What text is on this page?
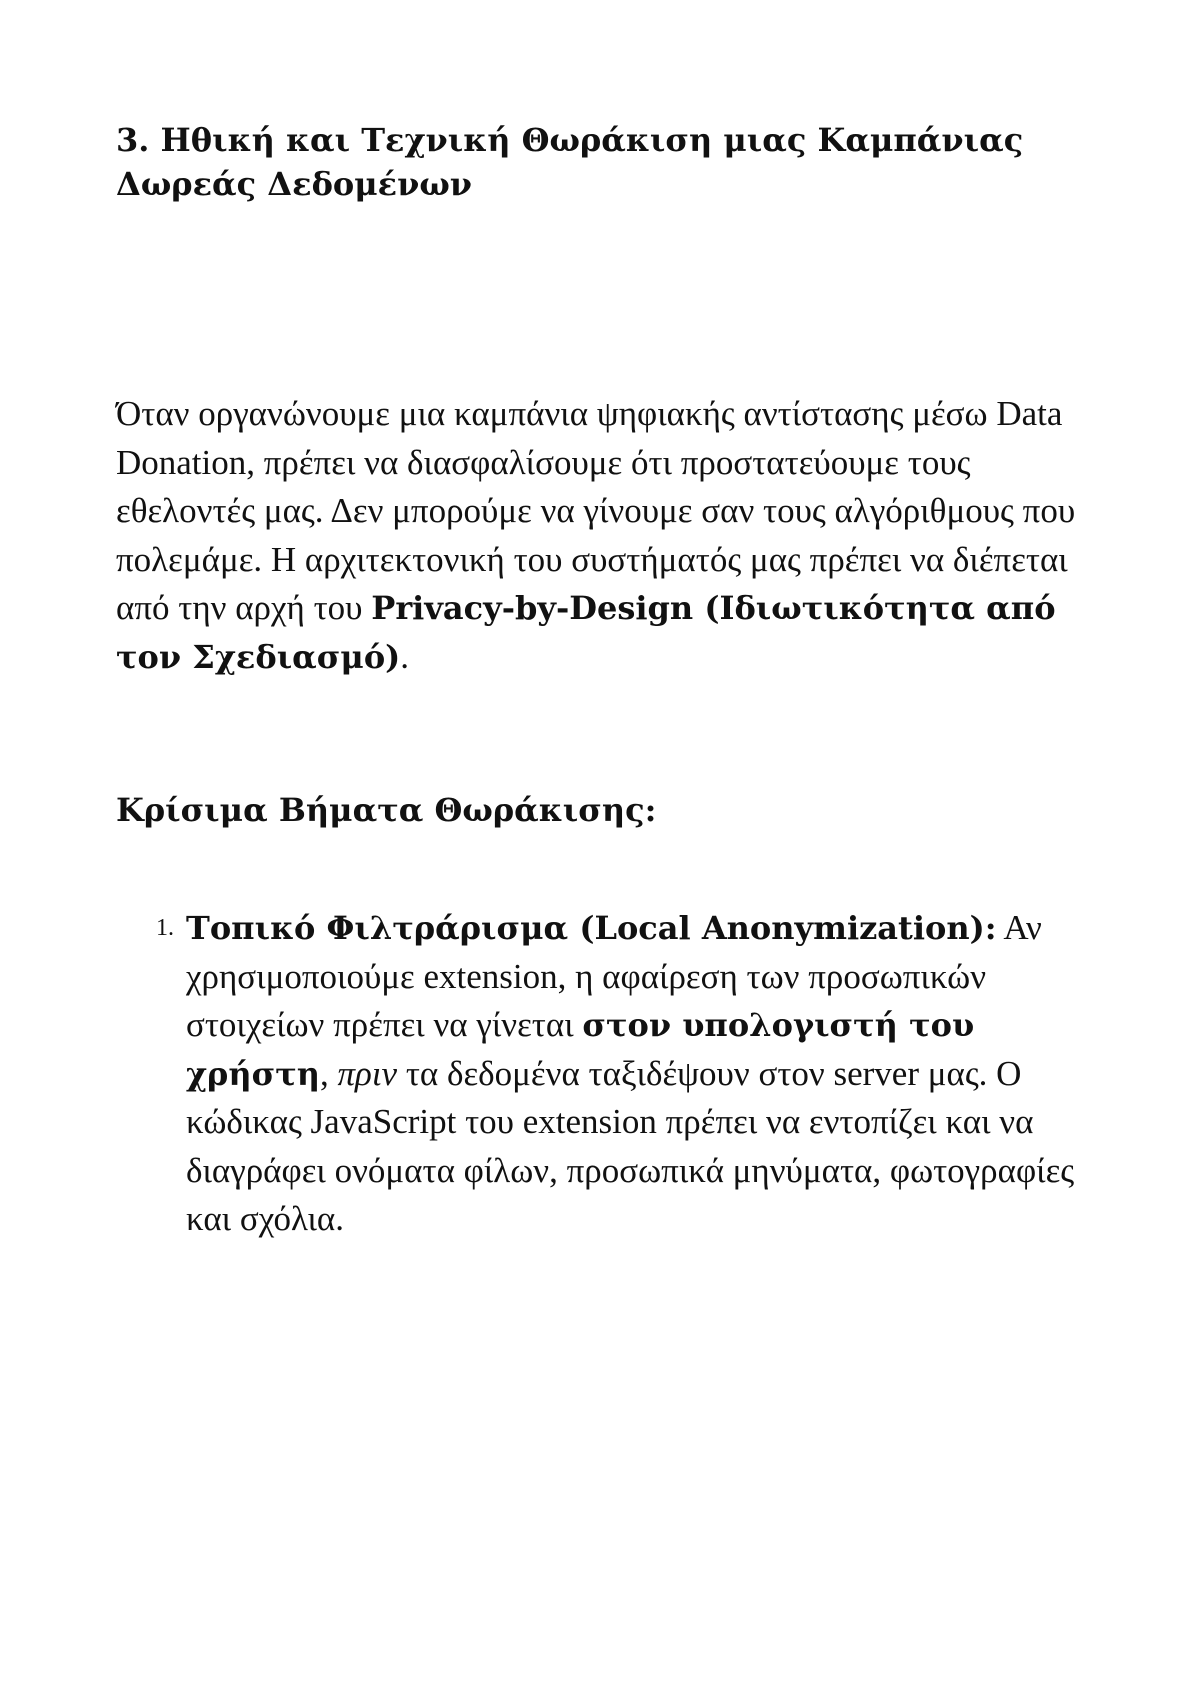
3. Ηθική και Τεχνική Θωράκιση μιας Καμπάνιας Δωρεάς Δεδομένων

Όταν οργανώνουμε μια καμπάνια ψηφιακής αντίστασης μέσω Data Donation, πρέπει να διασφαλίσουμε ότι προστατεύουμε τους εθελοντές μας. Δεν μπορούμε να γίνουμε σαν τους αλγόριθμους που πολεμάμε. Η αρχιτεκτονική του συστήματός μας πρέπει να διέπεται από την αρχή του Privacy-by-Design (Ιδιωτικότητα από τον Σχεδιασμό).

Κρίσιμα Βήματα Θωράκισης:
1. Τοπικό Φιλτράρισμα (Local Anonymization): Αν χρησιμοποιούμε extension, η αφαίρεση των προσωπικών στοιχείων πρέπει να γίνεται στον υπολογιστή του χρήστη, πριν τα δεδομένα ταξιδέψουν στον server μας. Ο κώδικας JavaScript του extension πρέπει να εντοπίζει και να διαγράφει ονόματα φίλων, προσωπικά μηνύματα, φωτογραφίες και σχόλια.
